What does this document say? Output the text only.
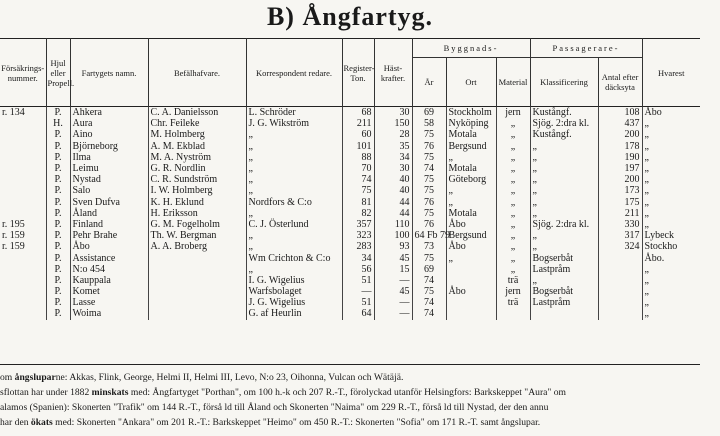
B) Ångfartyg.
Försäkrings-nummer.	Hjul eller Propell.	Fartygets namn.	Befälhafvare.	Korrespondent redare.	Register-Ton.	Häst-krafter.	Byggnads-			Passagerare-		Hvarest
							År	Ort	Material	Klassificering	Antal efter däcksyta	
r. 134	P.	Ahkera	C. A. Danielsson	L. Schröder	68	30	69	Stockholm	jern	Kustångf.	108	Åbo
	H.	Aura	Chr. Feileke	J. G. Wikström	211	150	58	Nyköping	„	Sjög. 2:dra kl.	437	„
	P.	Aino	M. Holmberg	„	60	28	75	Motala	„	Kustångf.	200	„
	P.	Björneborg	A. M. Ekblad	„	101	35	76	Bergsund	„	„	178	„
	P.	Ilma	M. A. Nyström	„	88	34	75	„	„	„	190	„
	P.	Leimu	G. R. Nordlin	„	70	30	74	Motala	„	„	197	„
	P.	Nystad	C. R. Sundström	„	74	40	75	Göteborg	„	„	200	„
	P.	Salo	I. W. Holmberg	„	75	40	75	„	„	„	173	„
	P.	Sven Dufva	K. H. Eklund	Nordfors & C:o	81	44	76	„	„	„	175	„
	P.	Åland	H. Eriksson	„	82	44	75	Motala	„	„	211	„
r. 195	P.	Finland	G. M. Fogelholm	C. J. Österlund	357	110	76	Åbo	„	Sjög. 2:dra kl.	330	„
r. 159	P.	Pehr Brahe	Th. W. Bergman	„	323	100	64 Fb 79	Bergsund	„	„	317	Lybeck
r. 159	P.	Åbo	A. A. Broberg	„	283	93	73	Åbo	„	„	324	Stockho
	P.	Assistance		Wm Crichton & C:o	34	45	75	„	„	Bogserbåt		Åbo.
	P.	N:o 454		„	56	15	69		„	Lastpråm		„
	P.	Kauppala		I. G. Wigelius	51	—	74		trä	„		„
	P.	Komet		Warfsbolaget	—	45	75	Åbo	jern	Bogserbåt		„
	P.	Lasse		J. G. Wigelius	51	—	74		trä	Lastpråm		„
	P.	Woima		G. af Heurlin	64	—	74					„
om ångsluparne: Akkas, Flink, George, Helmi II, Helmi III, Levo, N:o 23, Oihonna, Vulcan och Wätäjä.
sflottan har under 1882 minskats med: Ångfartyget "Porthan", om 100 h.-k och 207 R.-T., förolyckad utanför Helsingfors: Barkskeppet "Aura" om
alamos (Spanien): Skonerten "Trafik" om 144 R.-T., förså ld till Åland och Skonerten "Naima" om 229 R.-T., förså ld till Nystad, der den annu
har den ökats med: Skonerten "Ankara" om 201 R.-T.: Barkskeppet "Heimo" om 450 R.-T.: Skonerten "Sofia" om 171 R.-T. samt ångslupar.
